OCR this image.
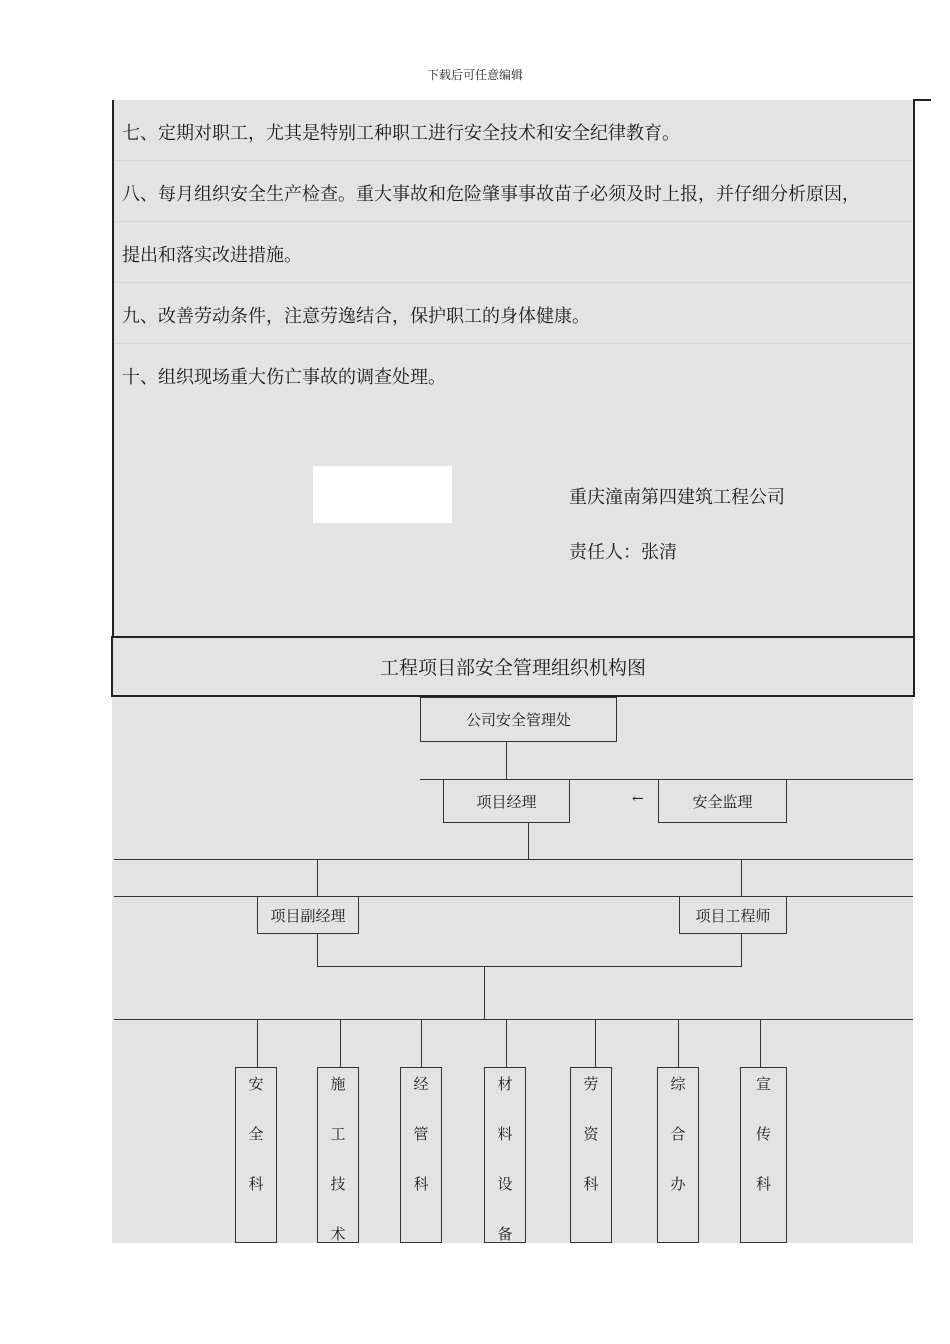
下载后可任意编辑
七、定期对职工，尤其是特别工种职工进行安全技术和安全纪律教育。
八、每月组织安全生产检查。重大事故和危险肇事事故苗子必须及时上报，并仔细分析原因，
提出和落实改进措施。
九、改善劳动条件，注意劳逸结合，保护职工的身体健康。
十、组织现场重大伤亡事故的调查处理。
重庆潼南第四建筑工程公司
责任人：张清
工程项目部安全管理组织机构图
公司安全管理处
项目经理	←	安全监理
项目副经理	项目工程师
安
全
科
施
工
技
术
经
管
科
材
料
设
备
劳
资
科
综
合
办
宣
传
科
